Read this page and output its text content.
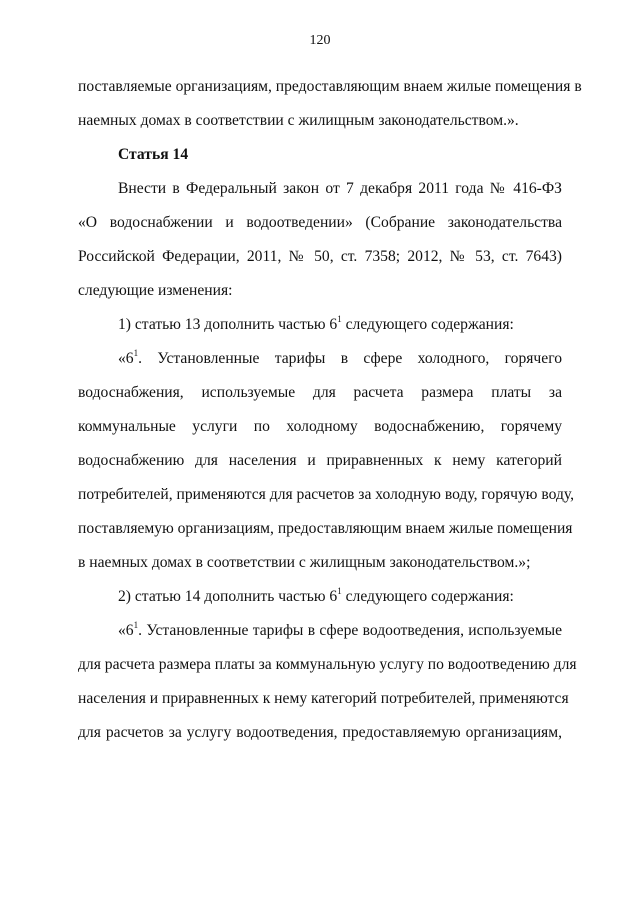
120
поставляемые организациям, предоставляющим внаем жилые помещения в
наемных домах в соответствии с жилищным законодательством.».
Статья 14
Внести в Федеральный закон от 7 декабря 2011 года № 416-ФЗ
«О водоснабжении и водоотведении» (Собрание законодательства
Российской Федерации, 2011, № 50, ст. 7358; 2012, № 53, ст. 7643)
следующие изменения:
1) статью 13 дополнить частью $6^1$ следующего содержания:
«$6^1$. Установленные тарифы в сфере холодного, горячего
водоснабжения, используемые для расчета размера платы за
коммунальные услуги по холодному водоснабжению, горячему
водоснабжению для населения и приравненных к нему категорий
потребителей, применяются для расчетов за холодную воду, горячую воду,
поставляемую организациям, предоставляющим внаем жилые помещения
в наемных домах в соответствии с жилищным законодательством.»;
2) статью 14 дополнить частью $6^1$ следующего содержания:
«$6^1$. Установленные тарифы в сфере водоотведения, используемые
для расчета размера платы за коммунальную услугу по водоотведению для
населения и приравненных к нему категорий потребителей, применяются
для расчетов за услугу водоотведения, предоставляемую организациям,
